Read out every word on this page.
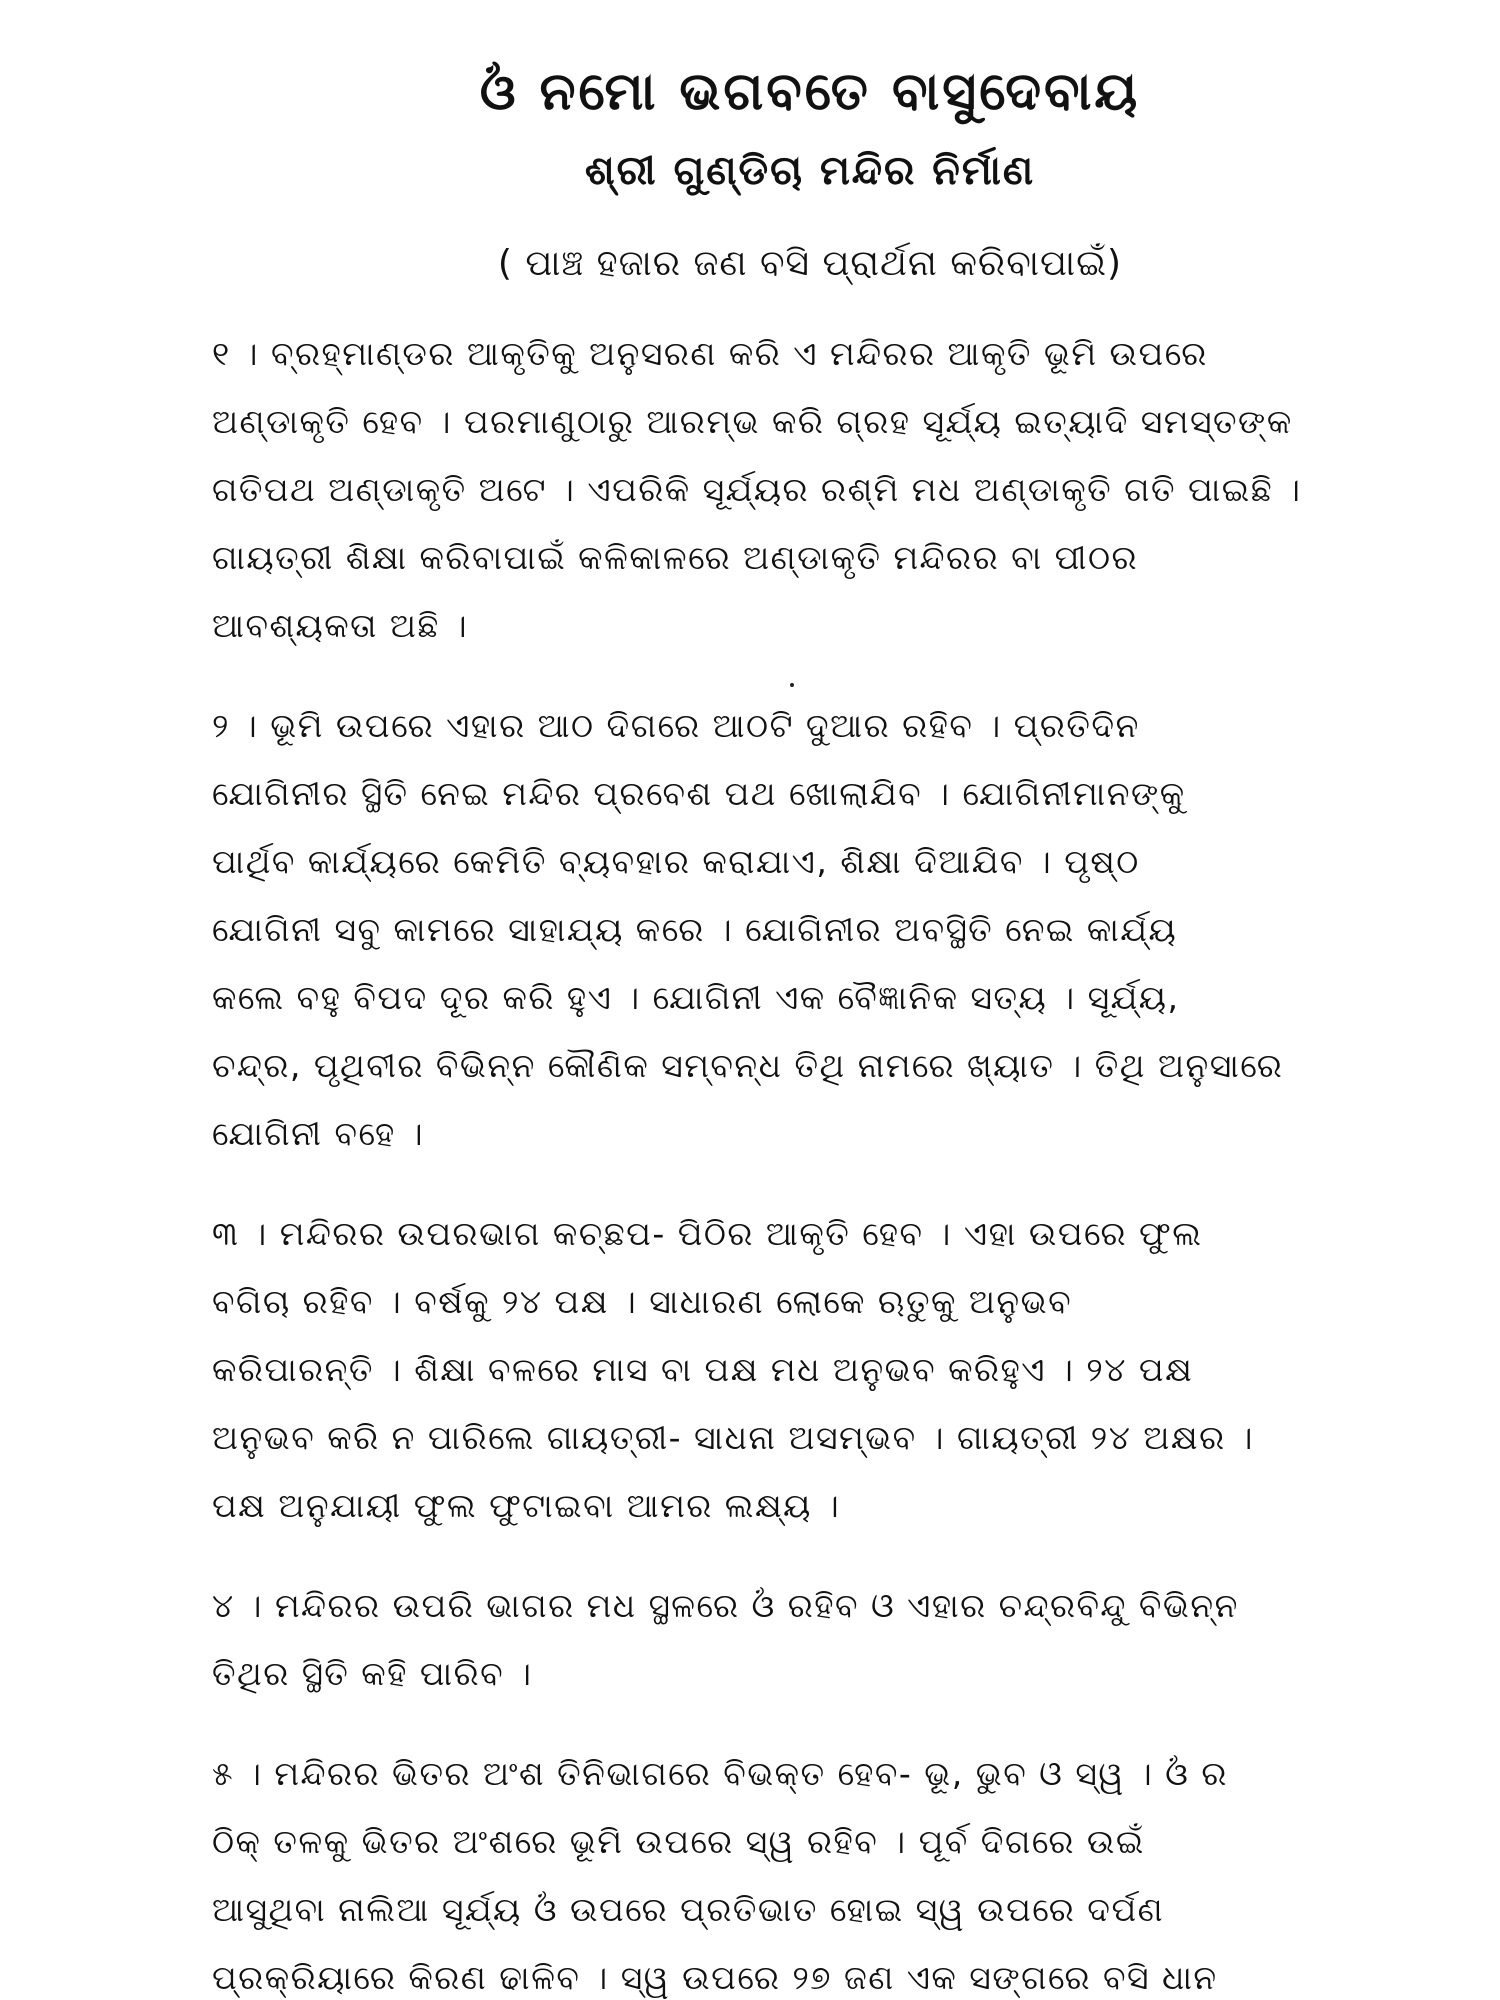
ଓଁ ନମୋ ଭଗବତେ ବାସୁଦେବାୟ
ଶ୍ରୀ ଗୁଣ୍ଡିଚା ମନ୍ଦିର ନିର୍ମାଣ
( ପାଞ୍ଚ ହଜାର ଜଣ ବସି ପ୍ରାର୍ଥନା କରିବାପାଇଁ)
୧ । ବ୍ରହ୍ମାଣ୍ଡର ଆକୃତିକୁ ଅନୁସରଣ କରି ଏ ମନ୍ଦିରର ଆକୃତି ଭୂମି ଉପରେ
ଅଣ୍ଡାକୃତି ହେବ । ପରମାଣୁଠାରୁ ଆରମ୍ଭ କରି ଗ୍ରହ ସୂର୍ଯ୍ୟ ଇତ୍ୟାଦି ସମସ୍ତଙ୍କ
ଗତିପଥ ଅଣ୍ଡାକୃତି ଅଟେ । ଏପରିକି ସୂର୍ଯ୍ୟର ରଶ୍ମି ମଧ ଅଣ୍ଡାକୃତି ଗତି ପାଇଛି ।
ଗାୟତ୍ରୀ ଶିକ୍ଷା କରିବାପାଇଁ କଳିକାଳରେ ଅଣ୍ଡାକୃତି ମନ୍ଦିରର ବା ପୀଠର
ଆବଶ୍ୟକତା ଅଛି ।
୨ । ଭୂମି ଉପରେ ଏହାର ଆଠ ଦିଗରେ ଆଠଟି ଦୁଆର ରହିବ । ପ୍ରତିଦିନ
ଯୋଗିନୀର ସ୍ଥିତି ନେଇ ମନ୍ଦିର ପ୍ରବେଶ ପଥ ଖୋଲାଯିବ । ଯୋଗିନୀମାନଙ୍କୁ
ପାର୍ଥିବ କାର୍ଯ୍ୟରେ କେମିତି ବ୍ୟବହାର କରାଯାଏ, ଶିକ୍ଷା ଦିଆଯିବ । ପୃଷ୍ଠ
ଯୋଗିନୀ ସବୁ କାମରେ ସାହାଯ୍ୟ କରେ । ଯୋଗିନୀର ଅବସ୍ଥିତି ନେଇ କାର୍ଯ୍ୟ
କଲେ ବହୁ ବିପଦ ଦୂର କରି ହୁଏ । ଯୋଗିନୀ ଏକ ବୈଜ୍ଞାନିକ ସତ୍ୟ । ସୂର୍ଯ୍ୟ,
ଚନ୍ଦ୍ର, ପୃଥିବୀର ବିଭିନ୍ନ କୌଣିକ ସମ୍ବନ୍ଧ ତିଥି ନାମରେ ଖ୍ୟାତ । ତିଥି ଅନୁସାରେ
ଯୋଗିନୀ ବହେ ।
୩ । ମନ୍ଦିରର ଉପରଭାଗ କଚ୍ଛପ- ପିଠିର ଆକୃତି ହେବ । ଏହା ଉପରେ ଫୁଲ
ବଗିଚା ରହିବ । ବର୍ଷକୁ ୨୪ ପକ୍ଷ । ସାଧାରଣ ଲୋକେ ଋତୁକୁ ଅନୁଭବ
କରିପାରନ୍ତି । ଶିକ୍ଷା ବଳରେ ମାସ ବା ପକ୍ଷ ମଧ ଅନୁଭବ କରିହୁଏ । ୨୪ ପକ୍ଷ
ଅନୁଭବ କରି ନ ପାରିଲେ ଗାୟତ୍ରୀ- ସାଧନା ଅସମ୍ଭବ । ଗାୟତ୍ରୀ ୨୪ ଅକ୍ଷର ।
ପକ୍ଷ ଅନୁଯାୟୀ ଫୁଲ ଫୁଟାଇବା ଆମର ଲକ୍ଷ୍ୟ ।
୪ । ମନ୍ଦିରର ଉପରି ଭାଗର ମଧ ସ୍ଥଳରେ ଓଁ ରହିବ ଓ ଏହାର ଚନ୍ଦ୍ରବିନ୍ଦୁ ବିଭିନ୍ନ
ତିଥିର ସ୍ଥିତି କହି ପାରିବ ।
୫ । ମନ୍ଦିରର ଭିତର ଅଂଶ ତିନିଭାଗରେ ବିଭକ୍ତ ହେବ- ଭୂ, ଭୁବ ଓ ସ୍ୱ । ଓଁ ର
ଠିକ୍ ତଳକୁ ଭିତର ଅଂଶରେ ଭୂମି ଉପରେ ସ୍ୱ ରହିବ । ପୂର୍ବ ଦିଗରେ ଉଇଁ
ଆସୁଥିବା ନାଲିଆ ସୂର୍ଯ୍ୟ ଓଁ ଉପରେ ପ୍ରତିଭାତ ହୋଇ ସ୍ୱ ଉପରେ ଦର୍ପଣ
ପ୍ରକ୍ରିୟାରେ କିରଣ ଢାଳିବ । ସ୍ୱ ଉପରେ ୨୭ ଜଣ ଏକ ସଙ୍ଗରେ ବସି ଧାନ
